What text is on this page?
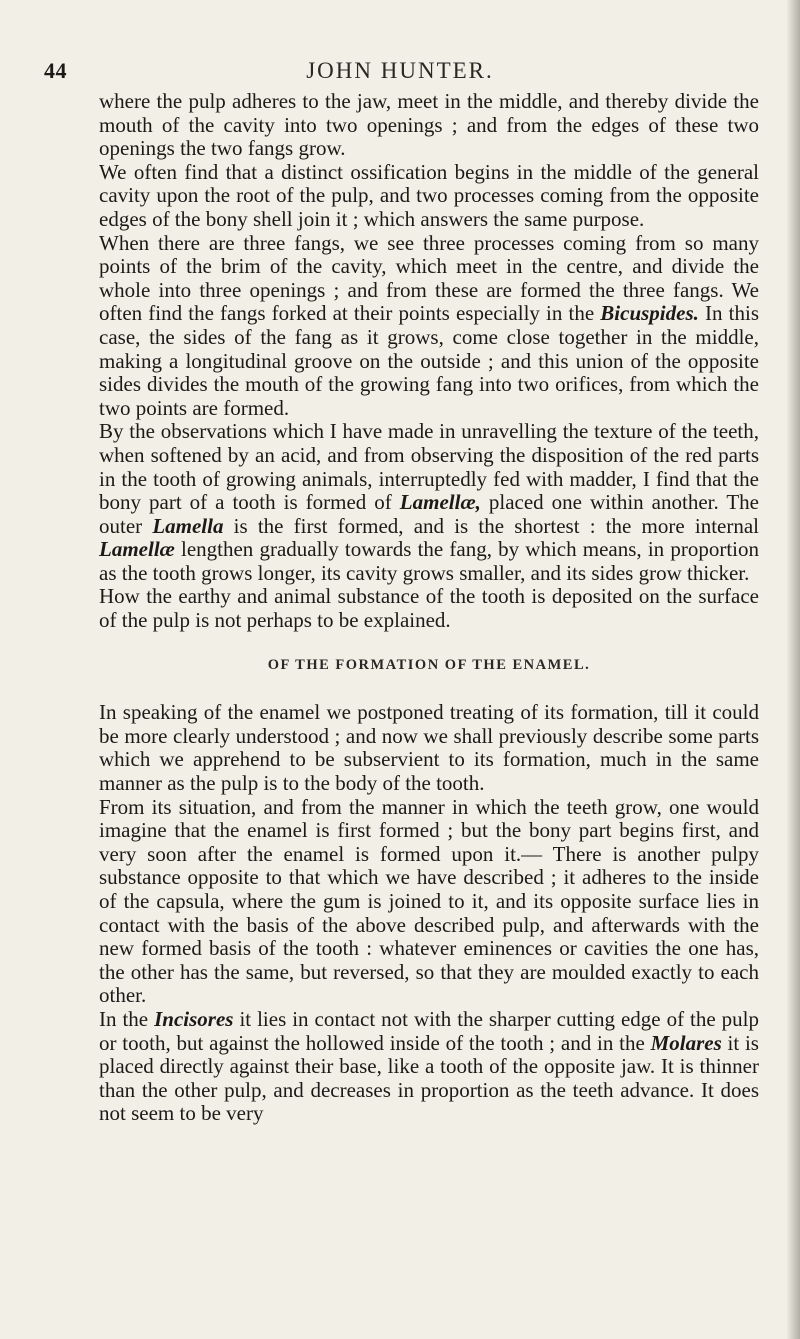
44	JOHN HUNTER.

where the pulp adheres to the jaw, meet in the middle, and thereby divide the mouth of the cavity into two openings ; and from the edges of these two openings the two fangs grow.

We often find that a distinct ossification begins in the middle of the general cavity upon the root of the pulp, and two processes coming from the opposite edges of the bony shell join it ; which answers the same purpose.

When there are three fangs, we see three processes coming from so many points of the brim of the cavity, which meet in the centre, and divide the whole into three openings ; and from these are formed the three fangs. We often find the fangs forked at their points especially in the Bicuspides. In this case, the sides of the fang as it grows, come close together in the middle, making a longitudinal groove on the outside ; and this union of the opposite sides divides the mouth of the growing fang into two orifices, from which the two points are formed.

By the observations which I have made in unravelling the texture of the teeth, when softened by an acid, and from observing the disposition of the red parts in the tooth of growing animals, interruptedly fed with madder, I find that the bony part of a tooth is formed of Lamellæ, placed one within another. The outer Lamella is the first formed, and is the shortest : the more internal Lamellæ lengthen gradually towards the fang, by which means, in proportion as the tooth grows longer, its cavity grows smaller, and its sides grow thicker.

How the earthy and animal substance of the tooth is deposited on the surface of the pulp is not perhaps to be explained.

OF THE FORMATION OF THE ENAMEL.

In speaking of the enamel we postponed treating of its formation, till it could be more clearly understood ; and now we shall previously describe some parts which we apprehend to be subservient to its formation, much in the same manner as the pulp is to the body of the tooth.

From its situation, and from the manner in which the teeth grow, one would imagine that the enamel is first formed ; but the bony part begins first, and very soon after the enamel is formed upon it.— There is another pulpy substance opposite to that which we have described ; it adheres to the inside of the capsula, where the gum is joined to it, and its opposite surface lies in contact with the basis of the above described pulp, and afterwards with the new formed basis of the tooth : whatever eminences or cavities the one has, the other has the same, but reversed, so that they are moulded exactly to each other.

In the Incisores it lies in contact not with the sharper cutting edge of the pulp or tooth, but against the hollowed inside of the tooth ; and in the Molares it is placed directly against their base, like a tooth of the opposite jaw. It is thinner than the other pulp, and decreases in proportion as the teeth advance. It does not seem to be very
